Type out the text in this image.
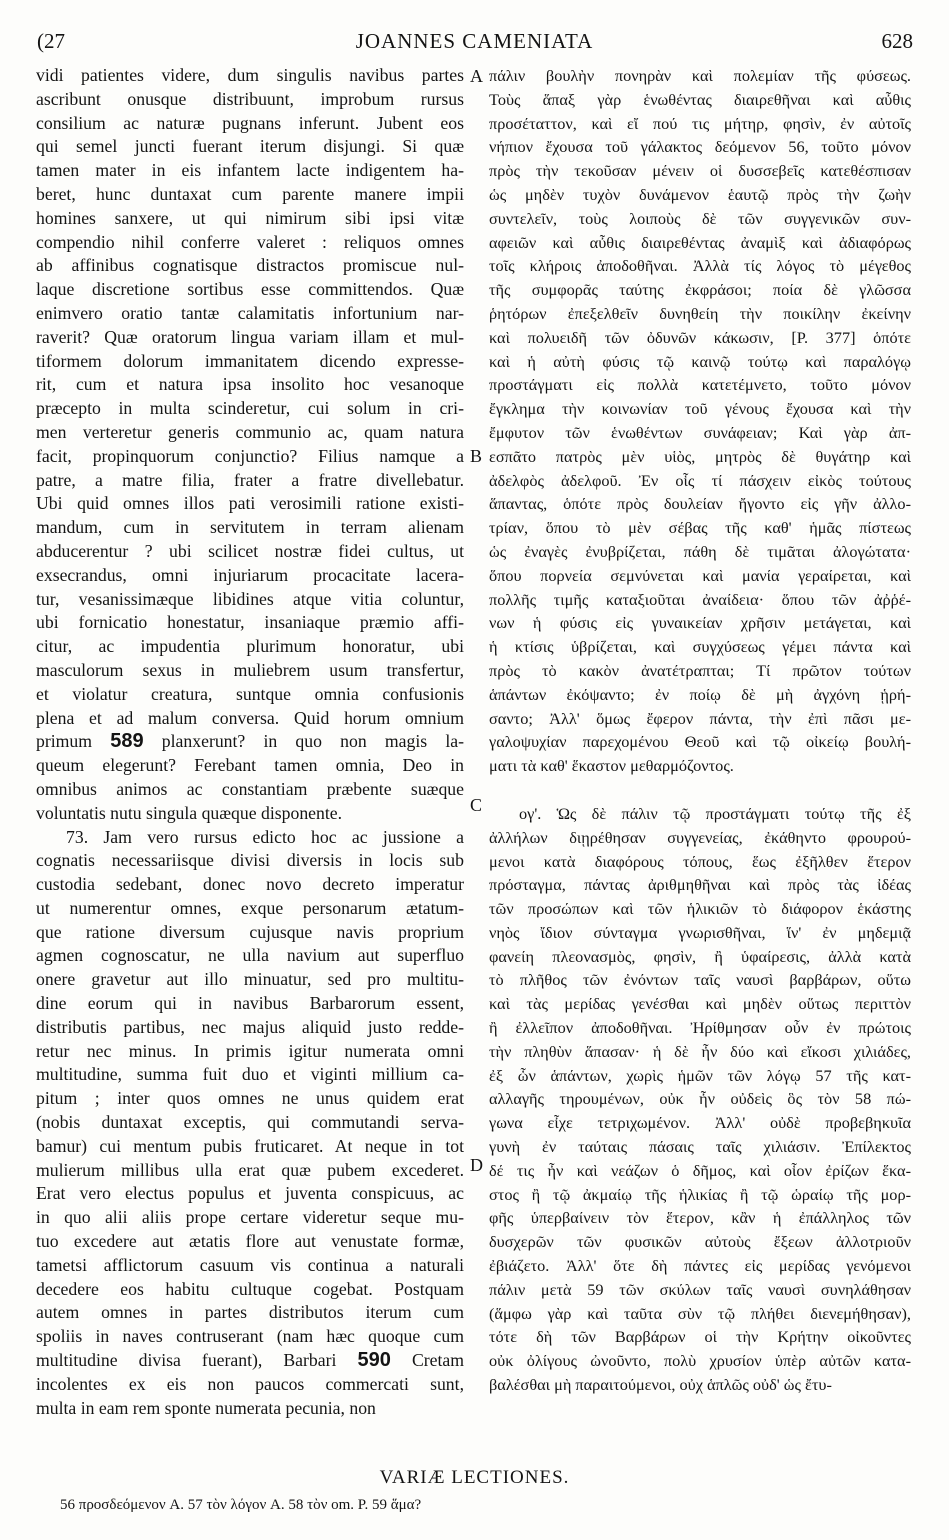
(27	JOANNES CAMENIATA	628
vidi patientes videre, dum singulis navibus partes
ascribunt onusque distribuunt, improbum rursus
consilium ac naturæ pugnans inferunt. Jubent eos
qui semel juncti fuerant iterum disjungi. Si quæ
tamen mater in eis infantem lacte indigentem ha-
beret, hunc duntaxat cum parente manere impii
homines sanxere, ut qui nimirum sibi ipsi vitæ
compendio nihil conferre valeret : reliquos omnes
ab affinibus cognatisque distractos promiscue nul-
laque discretione sortibus esse committendos. Quæ
enimvero oratio tantæ calamitatis infortunium nar-
raverit? Quæ oratorum lingua variam illam et mul-
tiformem dolorum immanitatem dicendo expresse-
rit, cum et natura ipsa insolito hoc vesanoque
præcepto in multa scinderetur, cui solum in cri-
men verteretur generis communio ac, quam natura
facit, propinquorum conjunctio? Filius namque a
patre, a matre filia, frater a fratre divellebatur.
Ubi quid omnes illos pati verosimili ratione existi-
mandum, cum in servitutem in terram alienam
abducerentur ? ubi scilicet nostræ fidei cultus, ut
exsecrandus, omni injuriarum procacitate lacera-
tur, vesanissimæque libidines atque vitia coluntur,
ubi fornicatio honestatur, insaniaque præmio affi-
citur, ac impudentia plurimum honoratur, ubi
masculorum sexus in muliebrem usum transfertur,
et violatur creatura, suntque omnia confusionis
plena et ad malum conversa. Quid horum omnium
primum 589 planxerunt? in quo non magis la-
queum elegerunt? Ferebant tamen omnia, Deo in
omnibus animos ac constantiam præbente suæque
voluntatis nutu singula quæque disponente.
73. Jam vero rursus edicto hoc ac jussione a
cognatis necessariisque divisi diversis in locis sub
custodia sedebant, donec novo decreto imperatur
ut numerentur omnes, exque personarum ætatum-
que ratione diversum cujusque navis proprium
agmen cognoscatur, ne ulla navium aut superfluo
onere gravetur aut illo minuatur, sed pro multitu-
dine eorum qui in navibus Barbarorum essent,
distributis partibus, nec majus aliquid justo redde-
retur nec minus. In primis igitur numerata omni
multitudine, summa fuit duo et viginti millium ca-
pitum ; inter quos omnes ne unus quidem erat
(nobis duntaxat exceptis, qui commutandi serva-
bamur) cui mentum pubis fruticaret. At neque in tot
mulierum millibus ulla erat quæ pubem excederet.
Erat vero electus populus et juventa conspicuus, ac
in quo alii aliis prope certare videretur seque mu-
tuo excedere aut ætatis flore aut venustate formæ,
tametsi afflictorum casuum vis continua a naturali
decedere eos habitu cultuque cogebat. Postquam
autem omnes in partes distributos iterum cum
spoliis in naves contruserant (nam hæc quoque cum
multitudine divisa fuerant), Barbari 590 Cretam
incolentes ex eis non paucos commercati sunt,
multa in eam rem sponte numerata pecunia, non
πάλιν βουλὴν πονηρὰν καὶ πολεμίαν τῆς φύσεως.
Τοὺς ἅπαξ γὰρ ἑνωθέντας διαιρεθῆναι καὶ αὖθις
προσέταττον, καὶ εἴ πού τις μήτηρ, φησὶν, ἐν αὐτοῖς
νήπιον ἔχουσα τοῦ γάλακτος δεόμενον 56, τοῦτο μόνον
πρὸς τὴν τεκοῦσαν μένειν οἱ δυσσεβεῖς κατεθέσπισαν
ὡς μηδὲν τυχὸν δυνάμενον ἑαυτῷ πρὸς τὴν ζωὴν
συντελεῖν, τοὺς λοιποὺς δὲ τῶν συγγενικῶν συν-
αφειῶν καὶ αὖθις διαιρεθέντας ἀναμὶξ καὶ ἀδιαφόρως
τοῖς κλήροις ἀποδοθῆναι. Ἀλλὰ τίς λόγος τὸ μέγεθος
τῆς συμφορᾶς ταύτης ἐκφράσοι; ποία δὲ γλῶσσα
ῥητόρων ἐπεξελθεῖν δυνηθείη τὴν ποικίλην ἐκείνην
καὶ πολυειδῆ τῶν ὀδυνῶν κάκωσιν, [P. 377] ὁπότε
καὶ ἡ αὐτὴ φύσις τῷ καινῷ τούτῳ καὶ παραλόγῳ
προστάγματι εἰς πολλὰ κατετέμνετο, τοῦτο μόνον
ἔγκλημα τὴν κοινωνίαν τοῦ γένους ἔχουσα καὶ τὴν
ἔμφυτον τῶν ἑνωθέντων συνάφειαν; Καὶ γὰρ ἀπ-
εσπᾶτο πατρὸς μὲν υἱὸς, μητρὸς δὲ θυγάτηρ καὶ
ἀδελφὸς ἀδελφοῦ. Ἐν οἷς τί πάσχειν εἰκὸς τούτους
ἅπαντας, ὁπότε πρὸς δουλείαν ἤγοντο εἰς γῆν ἀλλο-
τρίαν, ὅπου τὸ μὲν σέβας τῆς καθ' ἡμᾶς πίστεως
ὡς ἐναγὲς ἐνυβρίζεται, πάθη δὲ τιμᾶται ἀλογώτατα·
ὅπου πορνεία σεμνύνεται καὶ μανία γεραίρεται, καὶ
πολλῆς τιμῆς καταξιοῦται ἀναίδεια· ὅπου τῶν ἀῤῥέ-
νων ἡ φύσις εἰς γυναικείαν χρῆσιν μετάγεται, καὶ
ἡ κτίσις ὑβρίζεται, καὶ συγχύσεως γέμει πάντα καὶ
πρὸς τὸ κακὸν ἀνατέτραπται; Τί πρῶτον τούτων
ἁπάντων ἐκόψαντο; ἐν ποίῳ δὲ μὴ ἀγχόνη ᾑρή-
σαντο; Ἀλλ' ὅμως ἔφερον πάντα, τὴν ἐπὶ πᾶσι με-
γαλοψυχίαν παρεχομένου Θεοῦ καὶ τῷ οἰκείῳ βουλή-
ματι τὰ καθ' ἕκαστον μεθαρμόζοντος.
ογ'. Ὡς δὲ πάλιν τῷ προστάγματι τούτῳ τῆς ἐξ
ἀλλήλων διῃρέθησαν συγγενείας, ἐκάθηντο φρουρού-
μενοι κατὰ διαφόρους τόπους, ἕως ἐξῆλθεν ἕτερον
πρόσταγμα, πάντας ἀριθμηθῆναι καὶ πρὸς τὰς ἰδέας
τῶν προσώπων καὶ τῶν ἡλικιῶν τὸ διάφορον ἑκάστης
νηὸς ἴδιον σύνταγμα γνωρισθῆναι, ἵν' ἐν μηδεμιᾷ
φανείη πλεονασμὸς, φησὶν, ἢ ὑφαίρεσις, ἀλλὰ κατὰ
τὸ πλῆθος τῶν ἐνόντων ταῖς ναυσὶ βαρβάρων, οὕτω
καὶ τὰς μερίδας γενέσθαι καὶ μηδὲν οὕτως περιττὸν
ἢ ἐλλεῖπον ἀποδοθῆναι. Ἠρίθμησαν οὖν ἐν πρώτοις
τὴν πληθὺν ἅπασαν· ἡ δὲ ἦν δύο καὶ εἴκοσι χιλιάδες,
ἐξ ὧν ἁπάντων, χωρὶς ἡμῶν τῶν λόγῳ 57 τῆς κατ-
αλλαγῆς τηρουμένων, οὐκ ἦν οὐδεὶς ὃς τὸν 58 πώ-
γωνα εἶχε τετριχωμένον. Ἀλλ' οὐδὲ προβεβηκυῖα
γυνὴ ἐν ταύταις πάσαις ταῖς χιλιάσιν. Ἐπίλεκτος
δέ τις ἦν καὶ νεάζων ὁ δῆμος, καὶ οἷον ἐρίζων ἕκα-
στος ἢ τῷ ἀκμαίῳ τῆς ἡλικίας ἢ τῷ ὡραίῳ τῆς μορ-
φῆς ὑπερβαίνειν τὸν ἕτερον, κἂν ἡ ἐπάλληλος τῶν
δυσχερῶν τῶν φυσικῶν αὐτοὺς ἔξεων ἀλλοτριοῦν
ἐβιάζετο. Ἀλλ' ὅτε δὴ πάντες εἰς μερίδας γενόμενοι
πάλιν μετὰ 59 τῶν σκύλων ταῖς ναυσὶ συνηλάθησαν
(ἅμφω γὰρ καὶ ταῦτα σὺν τῷ πλήθει διενεμήθησαν),
τότε δὴ τῶν Βαρβάρων οἱ τὴν Κρήτην οἰκοῦντες
οὐκ ὀλίγους ὠνοῦντο, πολὺ χρυσίον ὑπὲρ αὐτῶν κατα-
βαλέσθαι μὴ παραιτούμενοι, οὐχ ἁπλῶς οὐδ' ὡς ἔτυ-
A
B
C
D
VARIÆ LECTIONES.
56 προσδεόμενον A. 57 τὸν λόγον A. 58 τὸν om. P. 59 ἅμα?
